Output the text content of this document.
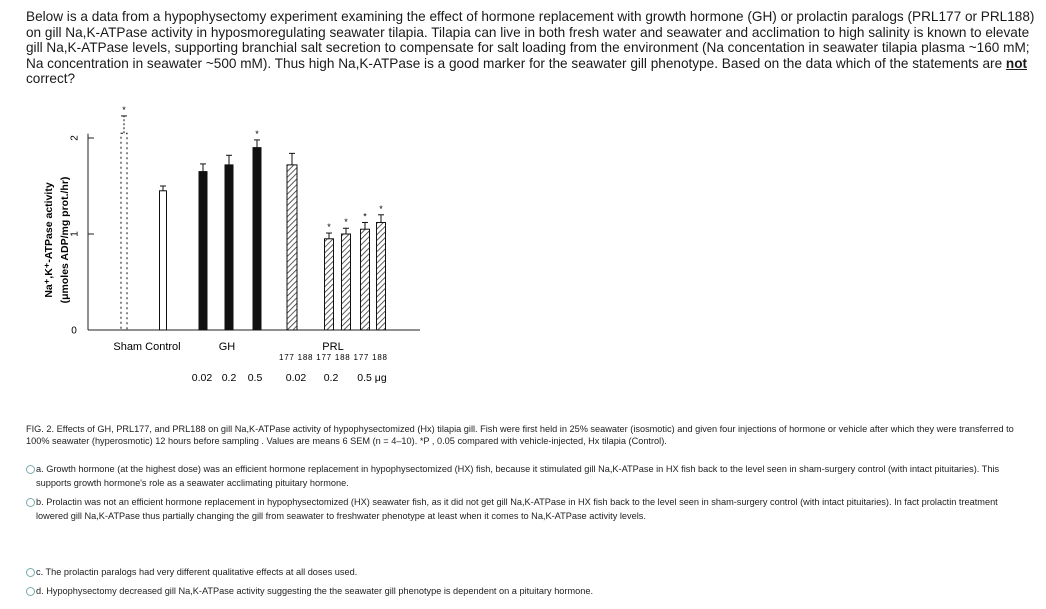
Below is a data from a hypophysectomy experiment examining the effect of hormone replacement with growth hormone (GH) or prolactin paralogs (PRL177 or PRL188) on gill Na,K-ATPase activity in hyposmoregulating seawater tilapia. Tilapia can live in both fresh water and seawater and acclimation to high salinity is known to elevate gill Na,K-ATPase levels, supporting branchial salt secretion to compensate for salt loading from the environment (Na concentation in seawater tilapia plasma ~160 mM; Na concentration in seawater ~500 mM). Thus high Na,K-ATPase is a good marker for the seawater gill phenotype. Based on the data which of the statements are not correct?
0
1
2
*
*
* *
*
*
0.02 0.2 0.5 0.02 0.2 0.5 μg
Na⁺,K⁺-ATPase activity (μmoles ADP/mg prot./hr)
Sham Control	GH	PRL
177 188 177 188 177 188
FIG. 2. Effects of GH, PRL177, and PRL188 on gill Na,K-ATPase activity of hypophysectomized (Hx) tilapia gill. Fish were first held in 25% seawater (isosmotic) and given four injections of hormone or vehicle after which they were transferred to 100% seawater (hyperosmotic) 12 hours before sampling . Values are means 6 SEM (n = 4–10). *P , 0.05 compared with vehicle-injected, Hx tilapia (Control).
a. Growth hormone (at the highest dose) was an efficient hormone replacement in hypophysectomized (HX) fish, because it stimulated gill Na,K-ATPase in HX fish back to the level seen in sham-surgery control (with intact pituitaries). This supports growth hormone's role as a seawater acclimating pituitary hormone.
b. Prolactin was not an efficient hormone replacement in hypophysectomized (HX) seawater fish, as it did not get gill Na,K-ATPase in HX fish back to the level seen in sham-surgery control (with intact pituitaries). In fact prolactin treatment lowered gill Na,K-ATPase thus partially changing the gill from seawater to freshwater phenotype at least when it comes to Na,K-ATPase activity levels.
c. The prolactin paralogs had very different qualitative effects at all doses used.
d. Hypophysectomy decreased gill Na,K-ATPase activity suggesting the the seawater gill phenotype is dependent on a pituitary hormone.
